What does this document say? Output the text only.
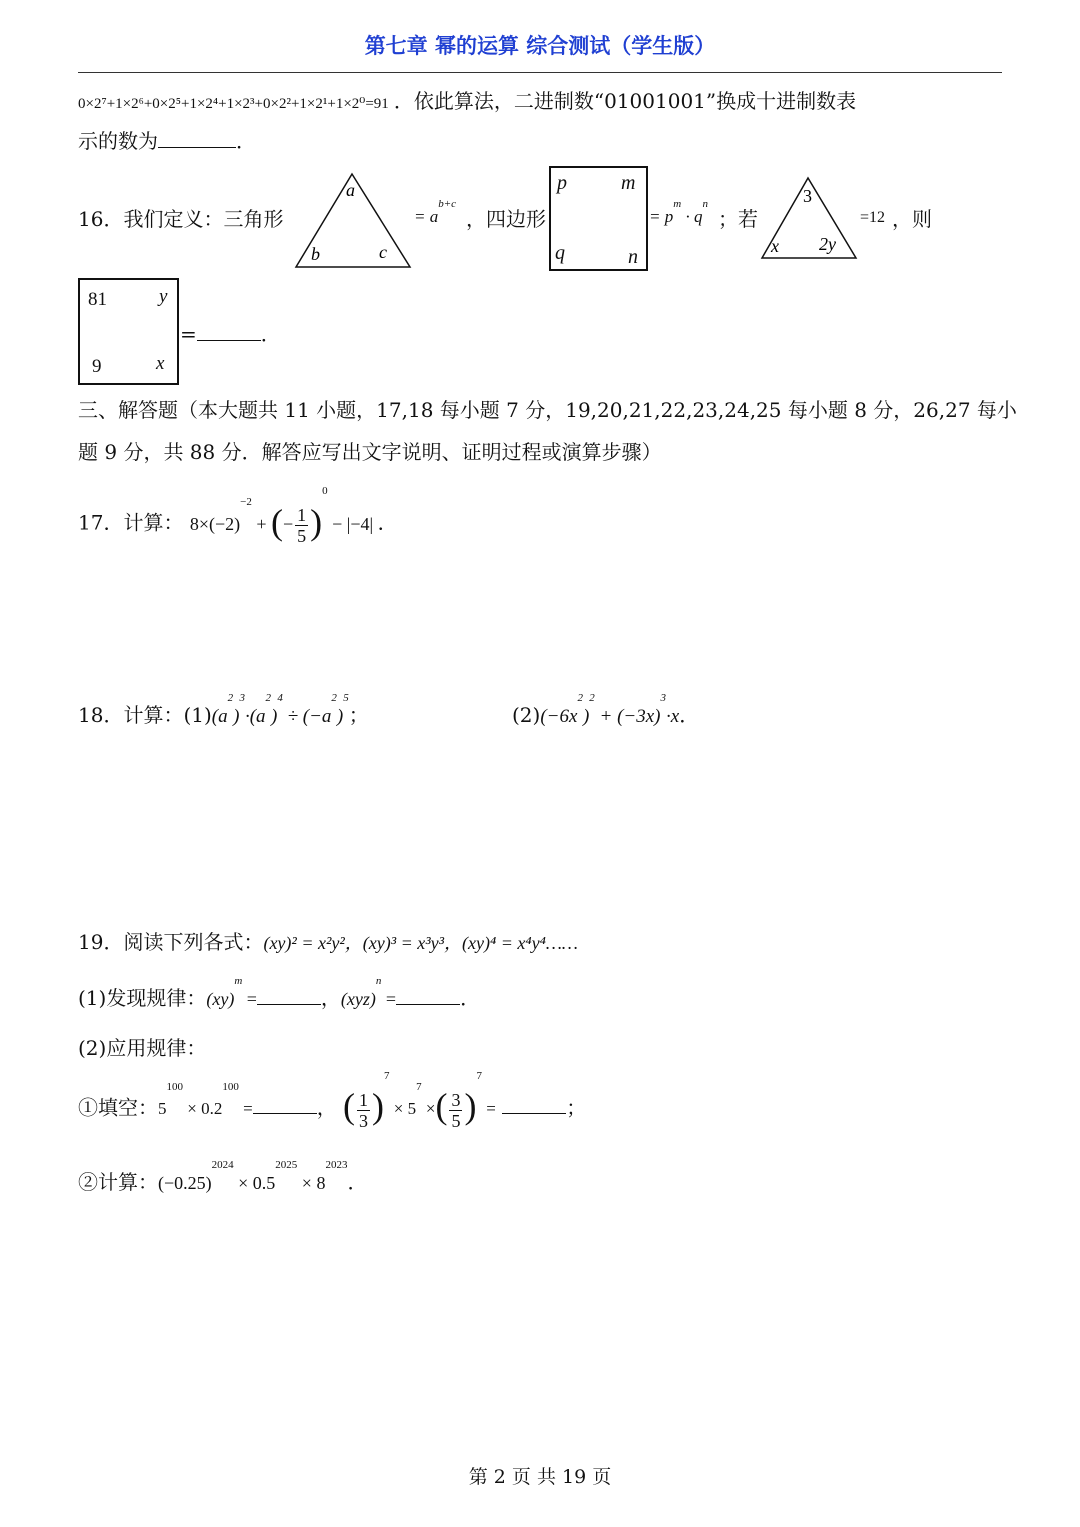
第七章 幂的运算 综合测试（学生版）
0×2⁷+1×2⁶+0×2⁵+1×2⁴+1×2³+0×2²+1×2¹+1×2⁰=91 ．依此算法，二进制数“01001001”换成十进制数表
示的数为	．
16．我们定义：三角形
a
b	c
= $a^{b+c}$
，四边形
p	m
q	n
= $p^m \cdot q^n$
；若
3
x 2y
=12 ，则
81	y
9	x
=	．
三、解答题（本大题共 11 小题，17,18 每小题 7 分，19,20,21,22,23,24,25 每小题 8 分，26,27 每小
题 9 分，共 88 分．解答应写出文字说明、证明过程或演算步骤）
17．计算： $8\times(-2)^{-2}$ + (− $\frac{1}{5} )^0 - |-4|$ ．
18．计算：$(1)(a^2)^3\cdot(a^2)^4 \div (-a^2)^5$；	$(2)(-6x^2)^2 + (-3x)^3\cdot x$．
19．阅读下列各式：(xy)² = x²y²，(xy)³ = x³y³，(xy)⁴ = x⁴y⁴……
(1)发现规律：(xy)$^m$ =	，(xyz)$^n$ =	．
(2)应用规律：
①填空：$5^{100} \times 0.2^{100}$ =	， ( $\frac{1}{3} )^7 \times 5^7$ ×( $\frac{3}{5} )^7$ =	；
②计算：$(-0.25)^{2024} \times 0.5^{2025} \times 8^{2023}$．
第 2 页 共 19 页
